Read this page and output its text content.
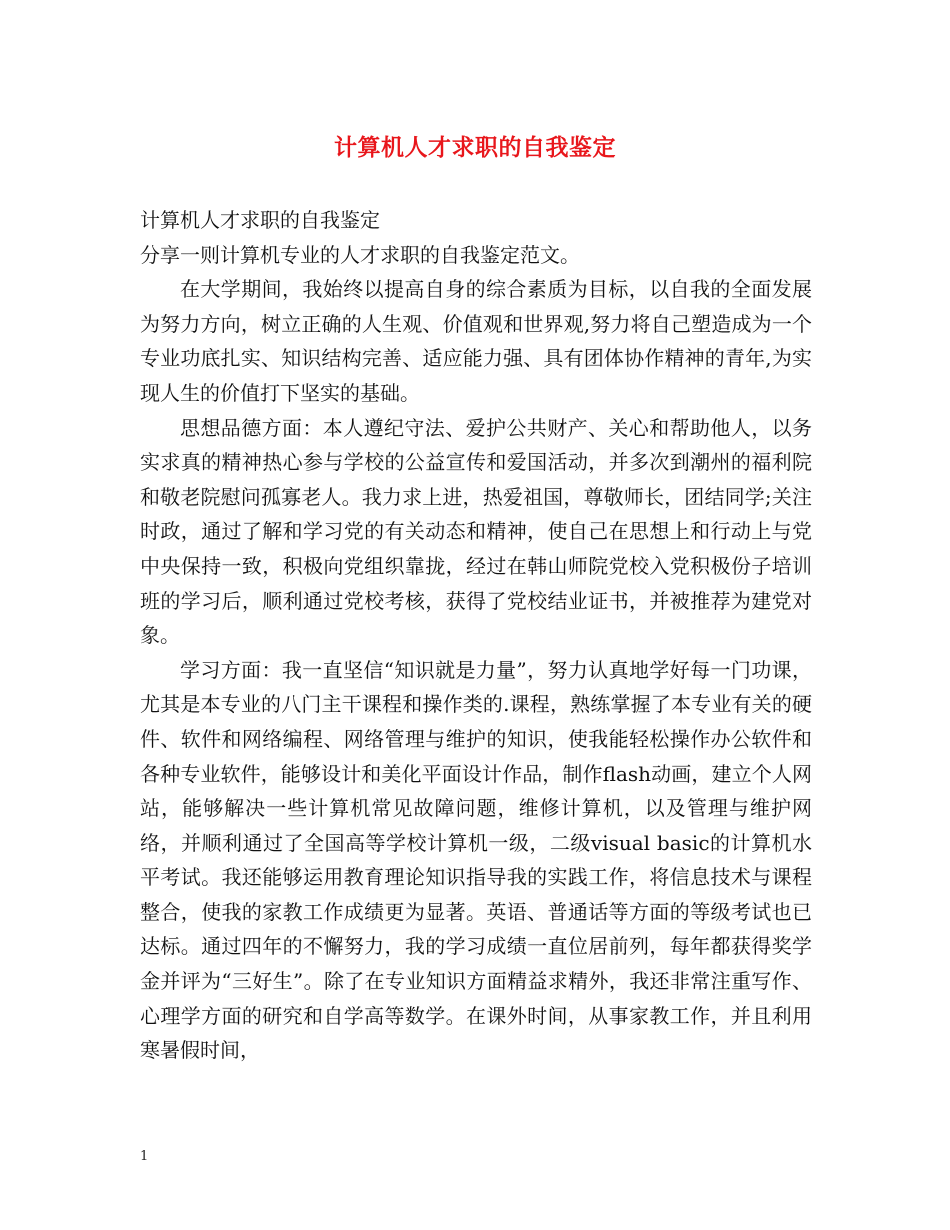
计算机人才求职的自我鉴定

计算机人才求职的自我鉴定

分享一则计算机专业的人才求职的自我鉴定范文。

在大学期间，我始终以提高自身的综合素质为目标，以自我的全面发展为努力方向，树立正确的人生观、价值观和世界观,努力将自己塑造成为一个专业功底扎实、知识结构完善、适应能力强、具有团体协作精神的青年,为实现人生的价值打下坚实的基础。

思想品德方面：本人遵纪守法、爱护公共财产、关心和帮助他人，以务实求真的精神热心参与学校的公益宣传和爱国活动，并多次到潮州的福利院和敬老院慰问孤寡老人。我力求上进，热爱祖国，尊敬师长，团结同学;关注时政，通过了解和学习党的有关动态和精神，使自己在思想上和行动上与党中央保持一致，积极向党组织靠拢，经过在韩山师院党校入党积极份子培训班的学习后，顺利通过党校考核，获得了党校结业证书，并被推荐为建党对象。

学习方面：我一直坚信“知识就是力量”，努力认真地学好每一门功课，尤其是本专业的八门主干课程和操作类的.课程，熟练掌握了本专业有关的硬件、软件和网络编程、网络管理与维护的知识，使我能轻松操作办公软件和各种专业软件，能够设计和美化平面设计作品，制作flash动画，建立个人网站，能够解决一些计算机常见故障问题，维修计算机，以及管理与维护网络，并顺利通过了全国高等学校计算机一级，二级visual basic的计算机水平考试。我还能够运用教育理论知识指导我的实践工作，将信息技术与课程整合，使我的家教工作成绩更为显著。英语、普通话等方面的等级考试也已达标。通过四年的不懈努力，我的学习成绩一直位居前列，每年都获得奖学金并评为“三好生”。除了在专业知识方面精益求精外，我还非常注重写作、心理学方面的研究和自学高等数学。在课外时间，从事家教工作，并且利用寒暑假时间，

1
